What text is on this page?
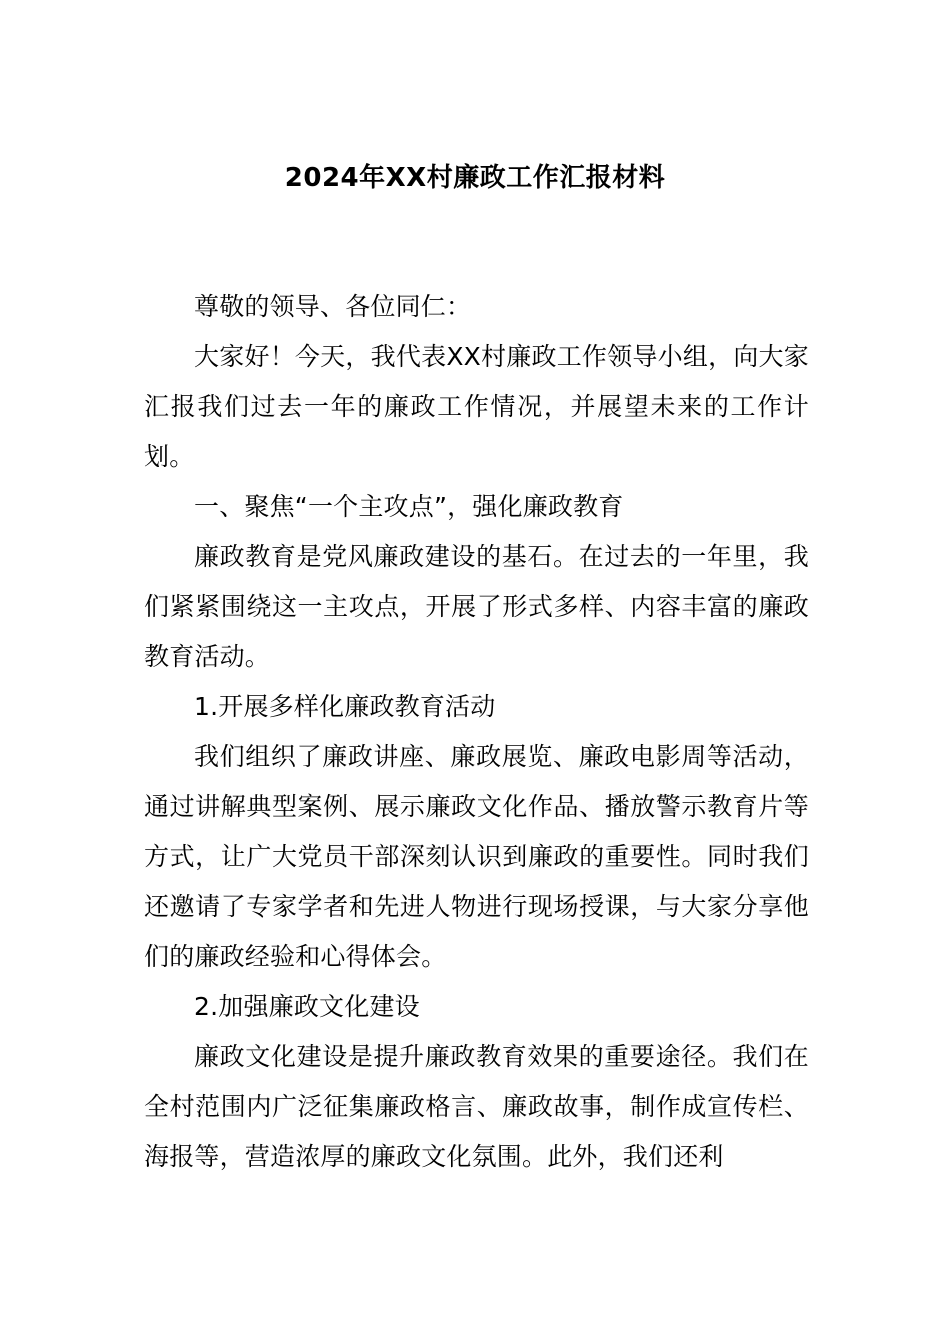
2024年XX村廉政工作汇报材料

尊敬的领导、各位同仁：

大家好！今天，我代表XX村廉政工作领导小组，向大家汇报我们过去一年的廉政工作情况，并展望未来的工作计划。

一、聚焦“一个主攻点”，强化廉政教育

廉政教育是党风廉政建设的基石。在过去的一年里，我们紧紧围绕这一主攻点，开展了形式多样、内容丰富的廉政教育活动。

1.开展多样化廉政教育活动

我们组织了廉政讲座、廉政展览、廉政电影周等活动，通过讲解典型案例、展示廉政文化作品、播放警示教育片等方式，让广大党员干部深刻认识到廉政的重要性。同时我们还邀请了专家学者和先进人物进行现场授课，与大家分享他们的廉政经验和心得体会。

2.加强廉政文化建设

廉政文化建设是提升廉政教育效果的重要途径。我们在全村范围内广泛征集廉政格言、廉政故事，制作成宣传栏、海报等，营造浓厚的廉政文化氛围。此外，我们还利
